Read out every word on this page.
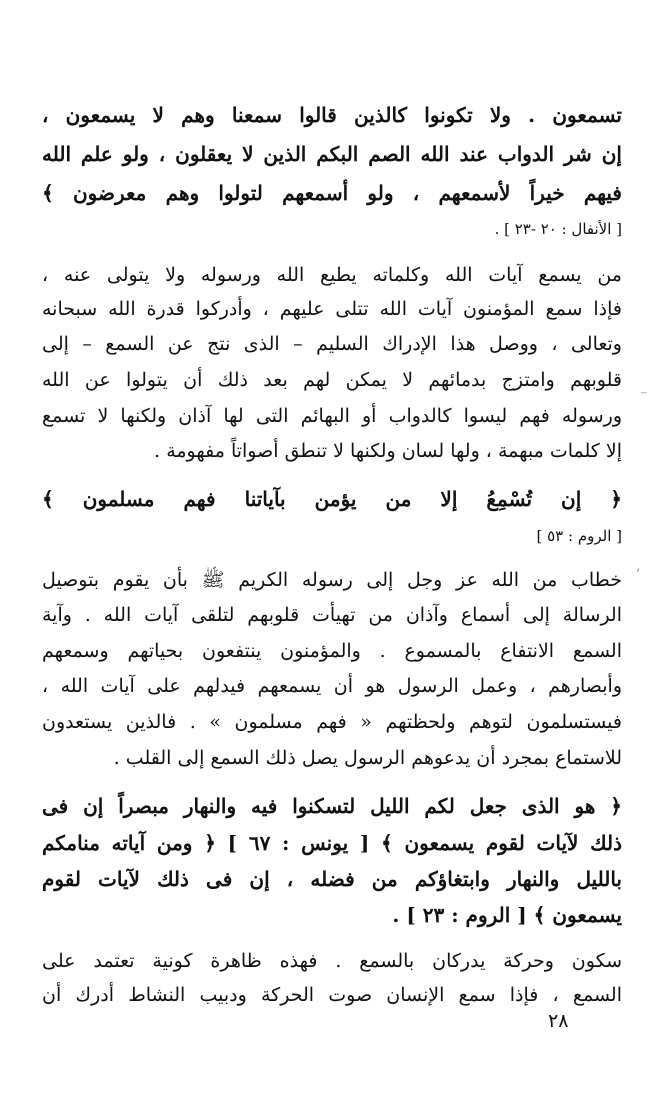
تسمعون . ولا تكونوا كالذين قالوا سمعنا وهم لا يسمعون ،
إن شر الدواب عند الله الصم البكم الذين لا يعقلون ، ولو علم الله
فيهم خيراً لأسمعهم ، ولو أسمعهم لتولوا وهم معرضون ﴾
[ الأنفال : ٢٠ -٢٣ ] .
من يسمع آيات الله وكلماته يطيع الله ورسوله ولا يتولى عنه ،
فإذا سمع المؤمنون آيات الله تتلى عليهم ، وأدركوا قدرة الله سبحانه
وتعالى ، ووصل هذا الإدراك السليم – الذى نتج عن السمع – إلى
قلوبهم وامتزج بدمائهم لا يمكن لهم بعد ذلك أن يتولوا عن الله
ورسوله فهم ليسوا كالدواب أو البهائم التى لها آذان ولكنها لا تسمع
إلا كلمات مبهمة ، ولها لسان ولكنها لا تنطق أصواتاً مفهومة .
﴿ إن تُسْمِعُ إلا من يؤمن بآياتنا فهم مسلمون ﴾
[ الروم : ٥٣ ]
خطاب من الله عز وجل إلى رسوله الكريم ﷺ بأن يقوم بتوصيل
الرسالة إلى أسماع وآذان من تهيأت قلوبهم لتلقى آيات الله . وآية
السمع الانتفاع بالمسموع . والمؤمنون ينتفعون بحياتهم وسمعهم
وأبصارهم ، وعمل الرسول هو أن يسمعهم فيدلهم على آيات الله ،
فيستسلمون لتوهم ولحظتهم « فهم مسلمون » . فالذين يستعدون
للاستماع بمجرد أن يدعوهم الرسول يصل ذلك السمع إلى القلب .
﴿ هو الذى جعل لكم الليل لتسكنوا فيه والنهار مبصراً إن فى
ذلك لآيات لقوم يسمعون ﴾ [ يونس : ٦٧ ] ﴿ ومن آياته منامكم
بالليل والنهار وابتغاؤكم من فضله ، إن فى ذلك لآيات لقوم
يسمعون ﴾ [ الروم : ٢٣ ] .
سكون وحركة يدركان بالسمع . فهذه ظاهرة كونية تعتمد على
السمع ، فإذا سمع الإنسان صوت الحركة ودبيب النشاط أدرك أن
٢٨
‚
⁻
